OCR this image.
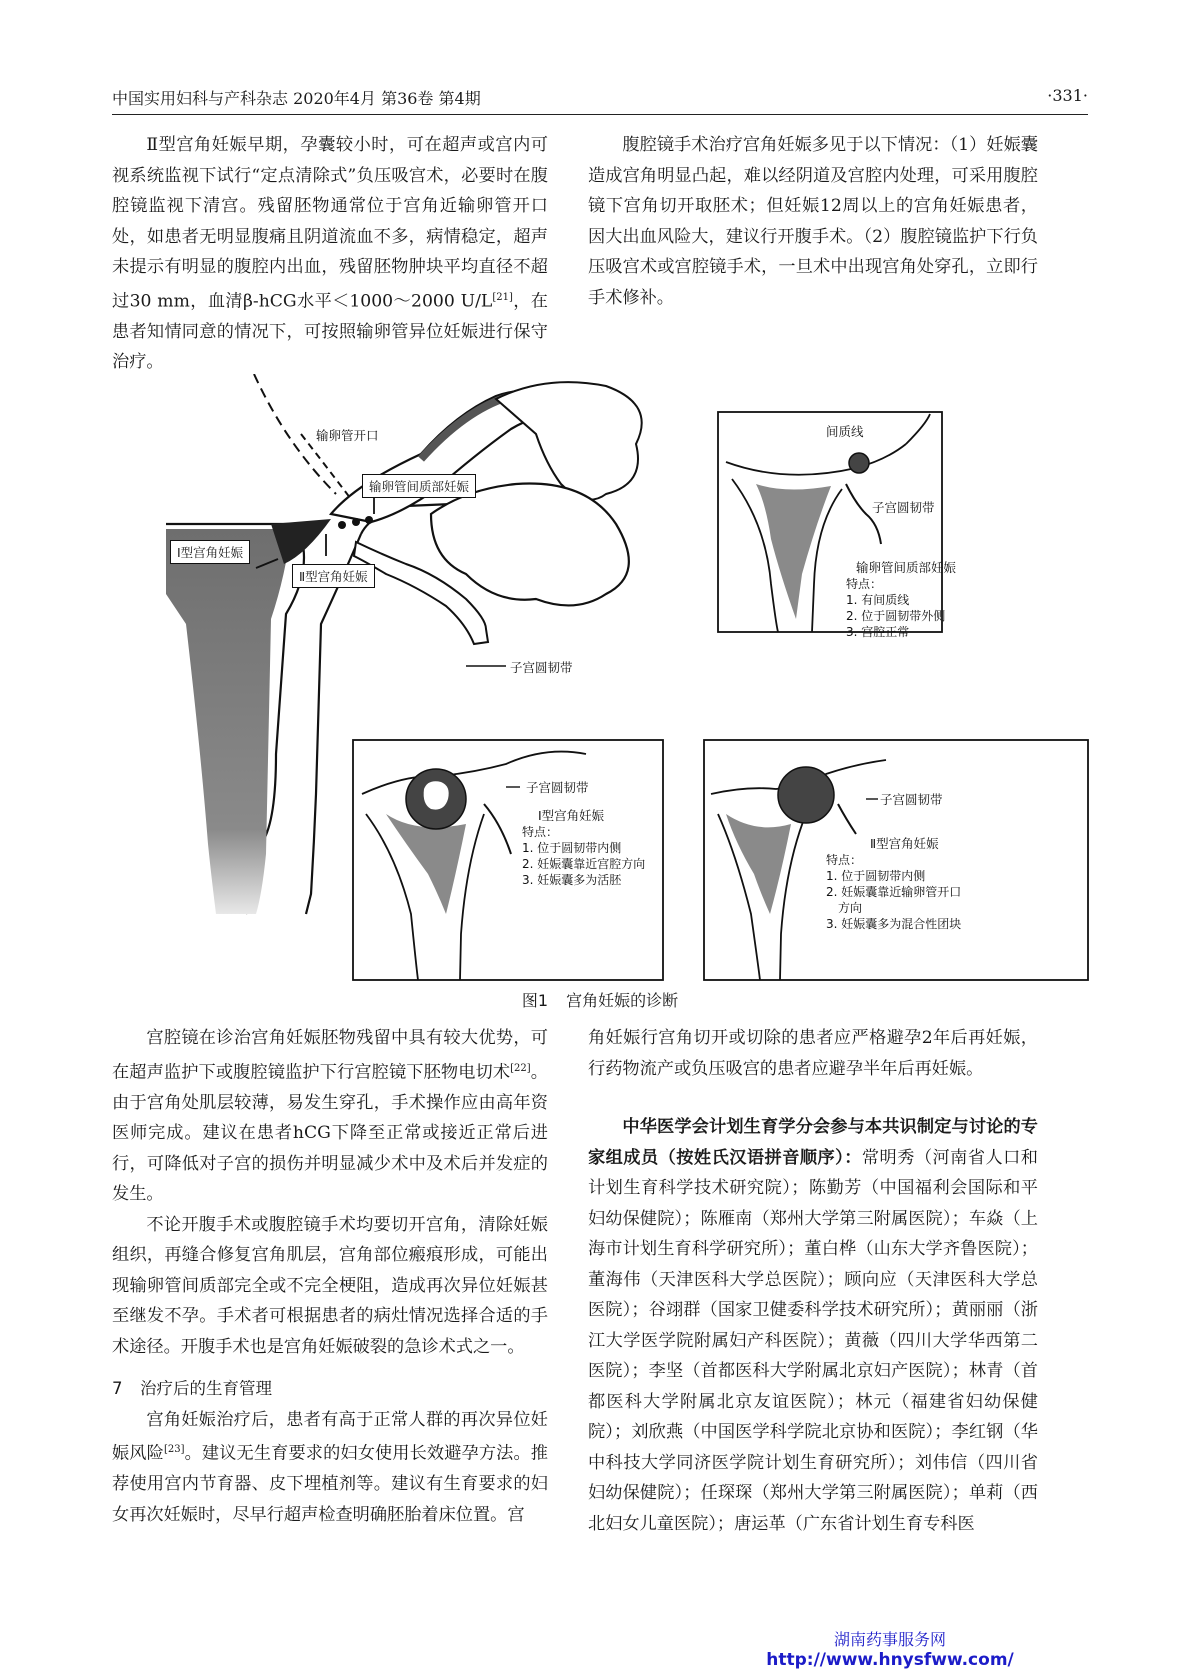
中国实用妇科与产科杂志 2020年4月 第36卷 第4期	·331·

Ⅱ型宫角妊娠早期，孕囊较小时，可在超声或宫内可视系统监视下试行“定点清除式”负压吸宫术，必要时在腹腔镜监视下清宫。残留胚物通常位于宫角近输卵管开口处，如患者无明显腹痛且阴道流血不多，病情稳定，超声未提示有明显的腹腔内出血，残留胚物肿块平均直径不超过30 mm，血清β-hCG水平＜1000～2000 U/L[21]，在患者知情同意的情况下，可按照输卵管异位妊娠进行保守治疗。

腹腔镜手术治疗宫角妊娠多见于以下情况：（1）妊娠囊造成宫角明显凸起，难以经阴道及宫腔内处理，可采用腹腔镜下宫角切开取胚术；但妊娠12周以上的宫角妊娠患者，因大出血风险大，建议行开腹手术。（2）腹腔镜监护下行负压吸宫术或宫腔镜手术，一旦术中出现宫角处穿孔，立即行手术修补。

输卵管开口
输卵管间质部妊娠
Ⅰ型宫角妊娠
Ⅱ型宫角妊娠
子宫圆韧带
间质线
子宫圆韧带
输卵管间质部妊娠
特点：
1. 有间质线
2. 位于圆韧带外侧
3. 宫腔正常
子宫圆韧带
Ⅰ型宫角妊娠
特点：
1. 位于圆韧带内侧
2. 妊娠囊靠近宫腔方向
3. 妊娠囊多为活胚
子宫圆韧带
Ⅱ型宫角妊娠
特点：
1. 位于圆韧带内侧
2. 妊娠囊靠近输卵管开口
方向
3. 妊娠囊多为混合性团块
图1 宫角妊娠的诊断

宫腔镜在诊治宫角妊娠胚物残留中具有较大优势，可在超声监护下或腹腔镜监护下行宫腔镜下胚物电切术[22]。由于宫角处肌层较薄，易发生穿孔，手术操作应由高年资医师完成。建议在患者hCG下降至正常或接近正常后进行，可降低对子宫的损伤并明显减少术中及术后并发症的发生。

不论开腹手术或腹腔镜手术均要切开宫角，清除妊娠组织，再缝合修复宫角肌层，宫角部位瘢痕形成，可能出现输卵管间质部完全或不完全梗阻，造成再次异位妊娠甚至继发不孕。手术者可根据患者的病灶情况选择合适的手术途径。开腹手术也是宫角妊娠破裂的急诊术式之一。

7 治疗后的生育管理

宫角妊娠治疗后，患者有高于正常人群的再次异位妊娠风险[23]。建议无生育要求的妇女使用长效避孕方法。推荐使用宫内节育器、皮下埋植剂等。建议有生育要求的妇女再次妊娠时，尽早行超声检查明确胚胎着床位置。宫

角妊娠行宫角切开或切除的患者应严格避孕2年后再妊娠，行药物流产或负压吸宫的患者应避孕半年后再妊娠。

中华医学会计划生育学分会参与本共识制定与讨论的专家组成员（按姓氏汉语拼音顺序）：常明秀（河南省人口和计划生育科学技术研究院）；陈勤芳（中国福利会国际和平妇幼保健院）；陈雁南（郑州大学第三附属医院）；车焱（上海市计划生育科学研究所）；董白桦（山东大学齐鲁医院）；董海伟（天津医科大学总医院）；顾向应（天津医科大学总医院）；谷翊群（国家卫健委科学技术研究所）；黄丽丽（浙江大学医学院附属妇产科医院）；黄薇（四川大学华西第二医院）；李坚（首都医科大学附属北京妇产医院）；林青（首都医科大学附属北京友谊医院）；林元（福建省妇幼保健院）；刘欣燕（中国医学科学院北京协和医院）；李红钢（华中科技大学同济医学院计划生育研究所）；刘伟信（四川省妇幼保健院）；任琛琛（郑州大学第三附属医院）；单莉（西北妇女儿童医院）；唐运革（广东省计划生育专科医

湖南药事服务网
http://www.hnysfww.com/
